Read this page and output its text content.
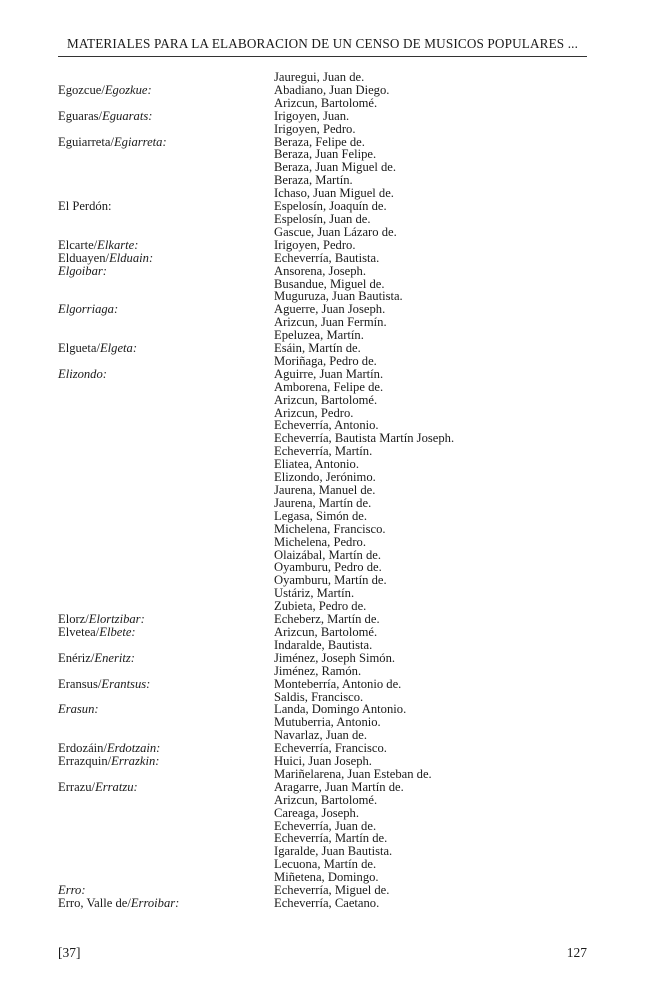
MATERIALES PARA LA ELABORACION DE UN CENSO DE MUSICOS POPULARES ...
Jauregui, Juan de.
Egozcue/Egozkue:	Abadiano, Juan Diego.
Arizcun, Bartolomé.
Eguaras/Eguarats:	Irigoyen, Juan.
Irigoyen, Pedro.
Eguiarreta/Egiarreta:	Beraza, Felipe de.
Beraza, Juan Felipe.
Beraza, Juan Miguel de.
Beraza, Martín.
Ichaso, Juan Miguel de.
El Perdón:	Espelosín, Joaquín de.
Espelosín, Juan de.
Gascue, Juan Lázaro de.
Elcarte/Elkarte:	Irigoyen, Pedro.
Elduayen/Elduain:	Echeverría, Bautista.
Elgoibar:	Ansorena, Joseph.
Busandue, Miguel de.
Muguruza, Juan Bautista.
Elgorriaga:	Aguerre, Juan Joseph.
Arizcun, Juan Fermín.
Epeluzea, Martín.
Elgueta/Elgeta:	Esáin, Martín de.
Moriñaga, Pedro de.
Elizondo:	Aguirre, Juan Martín.
Amborena, Felipe de.
Arizcun, Bartolomé.
Arizcun, Pedro.
Echeverría, Antonio.
Echeverría, Bautista Martín Joseph.
Echeverría, Martín.
Eliatea, Antonio.
Elizondo, Jerónimo.
Jaurena, Manuel de.
Jaurena, Martín de.
Legasa, Simón de.
Michelena, Francisco.
Michelena, Pedro.
Olaizábal, Martín de.
Oyamburu, Pedro de.
Oyamburu, Martín de.
Ustáriz, Martín.
Zubieta, Pedro de.
Elorz/Elortzibar:	Echeberz, Martín de.
Elvetea/Elbete:	Arizcun, Bartolomé.
Indaralde, Bautista.
Enériz/Eneritz:	Jiménez, Joseph Simón.
Jiménez, Ramón.
Eransus/Erantsus:	Monteberría, Antonio de.
Saldis, Francisco.
Erasun:	Landa, Domingo Antonio.
Mutuberria, Antonio.
Navarlaz, Juan de.
Erdozáin/Erdotzain:	Echeverría, Francisco.
Errazquin/Errazkin:	Huici, Juan Joseph.
Mariñelarena, Juan Esteban de.
Errazu/Erratzu:	Aragarre, Juan Martín de.
Arizcun, Bartolomé.
Careaga, Joseph.
Echeverría, Juan de.
Echeverría, Martín de.
Igaralde, Juan Bautista.
Lecuona, Martín de.
Miñetena, Domingo.
Erro:	Echeverría, Miguel de.
Erro, Valle de/Erroibar:	Echeverría, Caetano.
[37]	127
